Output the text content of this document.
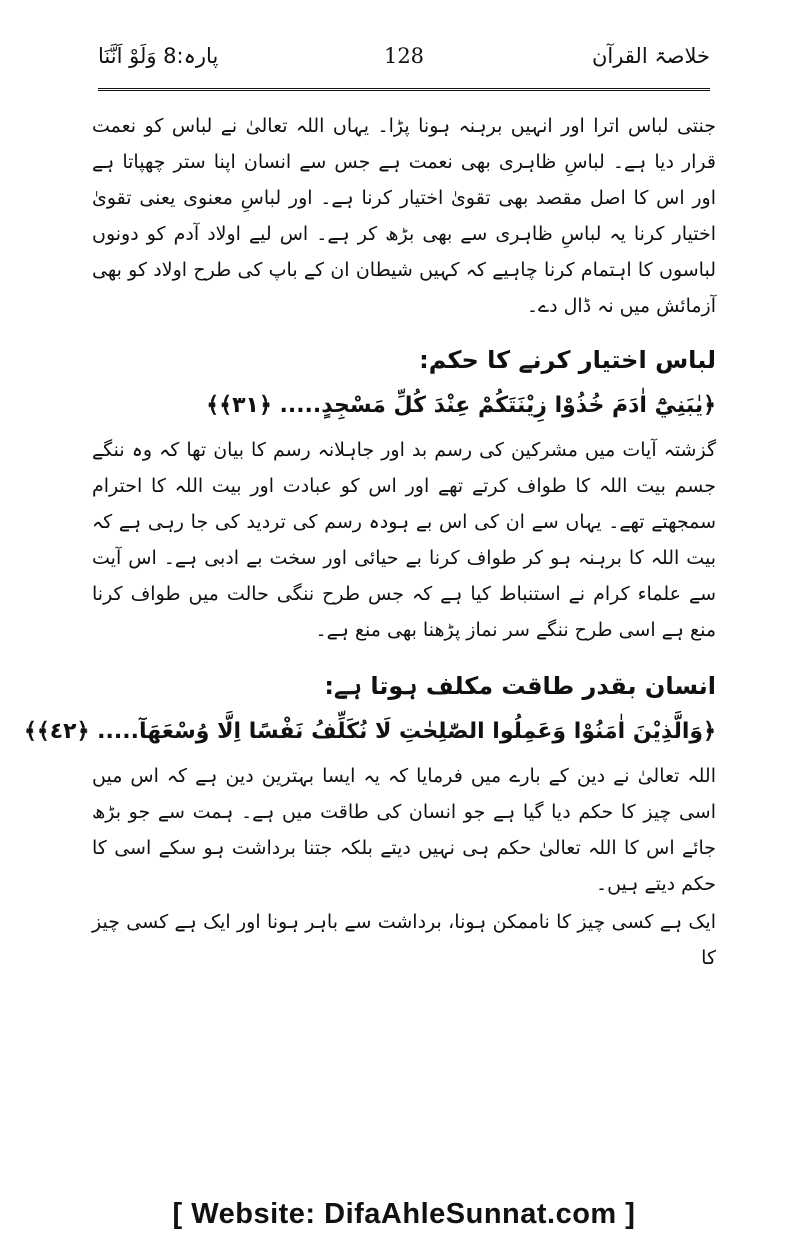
خلاصۃ القرآن
128
پارہ:8 وَلَوْ اَنَّنَا

جنتی لباس اترا اور انہیں برہنہ ہونا پڑا۔ یہاں اللہ تعالیٰ نے لباس کو نعمت قرار دیا ہے۔ لباسِ ظاہری بھی نعمت ہے جس سے انسان اپنا ستر چھپاتا ہے اور اس کا اصل مقصد بھی تقویٰ اختیار کرنا ہے۔ اور لباسِ معنوی یعنی تقویٰ اختیار کرنا یہ لباسِ ظاہری سے بھی بڑھ کر ہے۔ اس لیے اولاد آدم کو دونوں لباسوں کا اہتمام کرنا چاہیے کہ کہیں شیطان ان کے باپ کی طرح اولاد کو بھی آزمائش میں نہ ڈال دے۔

لباس اختیار کرنے کا حکم:

﴿يٰبَنِيْٓ اٰدَمَ خُذُوْا زِيْنَتَكُمْ عِنْدَ كُلِّ مَسْجِدٍ..... ﴿٣١﴾﴾

گزشتہ آیات میں مشرکین کی رسم بد اور جاہلانہ رسم کا بیان تھا کہ وہ ننگے جسم بیت اللہ کا طواف کرتے تھے اور اس کو عبادت اور بیت اللہ کا احترام سمجھتے تھے۔ یہاں سے ان کی اس بے ہودہ رسم کی تردید کی جا رہی ہے کہ بیت اللہ کا برہنہ ہو کر طواف کرنا بے حیائی اور سخت بے ادبی ہے۔ اس آیت سے علماء کرام نے استنباط کیا ہے کہ جس طرح ننگی حالت میں طواف کرنا منع ہے اسی طرح ننگے سر نماز پڑھنا بھی منع ہے۔

انسان بقدر طاقت مکلف ہوتا ہے:

﴿وَالَّذِيْنَ اٰمَنُوْا وَعَمِلُوا الصّٰلِحٰتِ لَا نُكَلِّفُ نَفْسًا اِلَّا وُسْعَهَآ..... ﴿٤٢﴾﴾

اللہ تعالیٰ نے دین کے بارے میں فرمایا کہ یہ ایسا بہترین دین ہے کہ اس میں اسی چیز کا حکم دیا گیا ہے جو انسان کی طاقت میں ہے۔ ہمت سے جو بڑھ جائے اس کا اللہ تعالیٰ حکم ہی نہیں دیتے بلکہ جتنا برداشت ہو سکے اسی کا حکم دیتے ہیں۔

ایک ہے کسی چیز کا ناممکن ہونا، برداشت سے باہر ہونا اور ایک ہے کسی چیز کا

[ Website: DifaAhleSunnat.com ]
